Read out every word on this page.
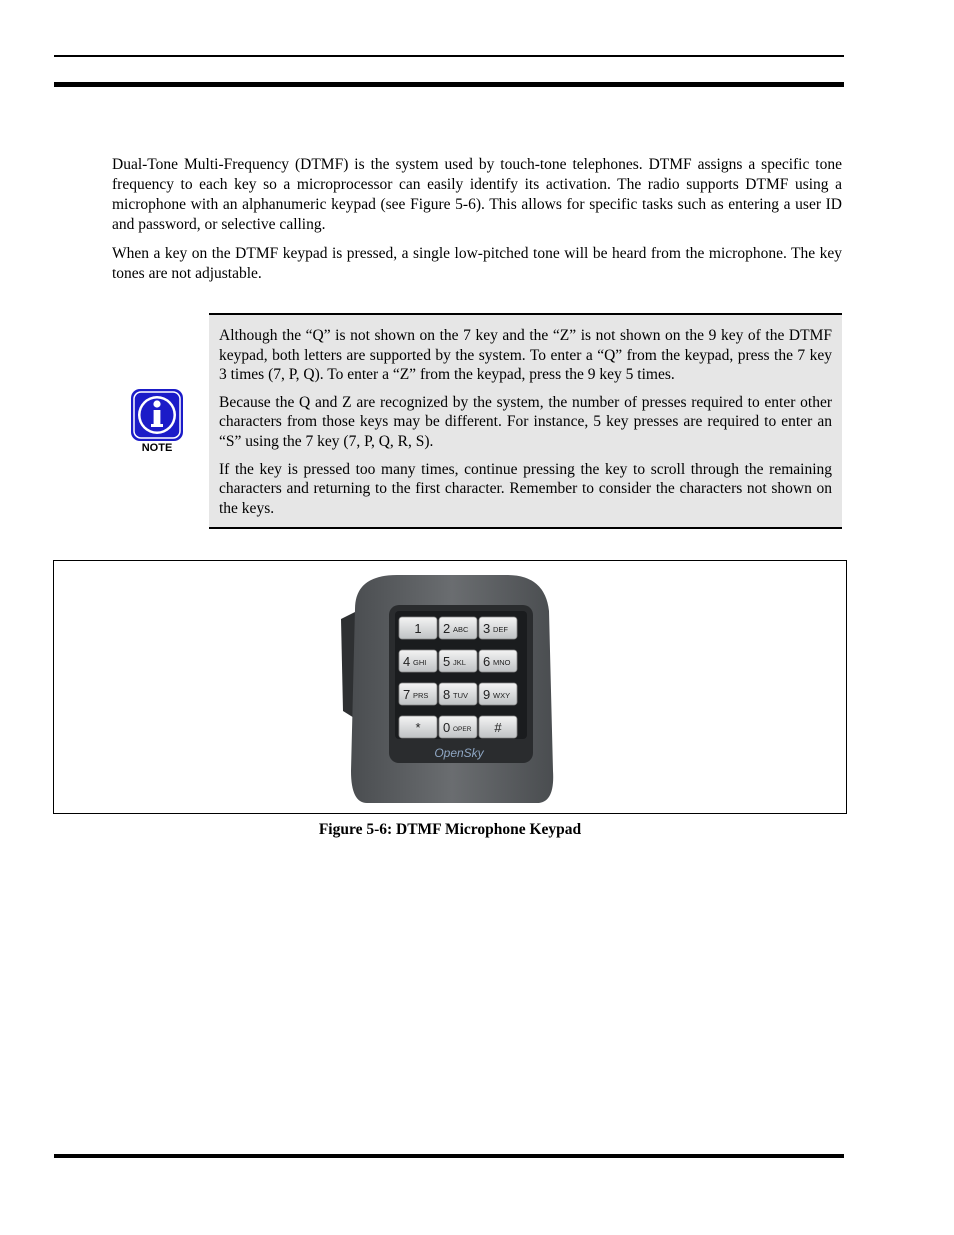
Dual-Tone Multi-Frequency (DTMF) is the system used by touch-tone telephones. DTMF assigns a specific tone frequency to each key so a microprocessor can easily identify its activation. The radio supports DTMF using a microphone with an alphanumeric keypad (see Figure 5-6). This allows for specific tasks such as entering a user ID and password, or selective calling.

When a key on the DTMF keypad is pressed, a single low-pitched tone will be heard from the microphone. The key tones are not adjustable.

NOTE

Although the “Q” is not shown on the 7 key and the “Z” is not shown on the 9 key of the DTMF keypad, both letters are supported by the system. To enter a “Q” from the keypad, press the 7 key 3 times (7, P, Q). To enter a “Z” from the keypad, press the 9 key 5 times.

Because the Q and Z are recognized by the system, the number of presses required to enter other characters from those keys may be different. For instance, 5 key presses are required to enter an “S” using the 7 key (7, P, Q, R, S).

If the key is pressed too many times, continue pressing the key to scroll through the remaining characters and returning to the first character. Remember to consider the characters not shown on the keys.

1 2 ABC 3 DEF
4 GHI 5 JKL 6 MNO
7 PRS 8 TUV 9 WXY
* 0 OPER #
OpenSky
Figure 5-6: DTMF Microphone Keypad
